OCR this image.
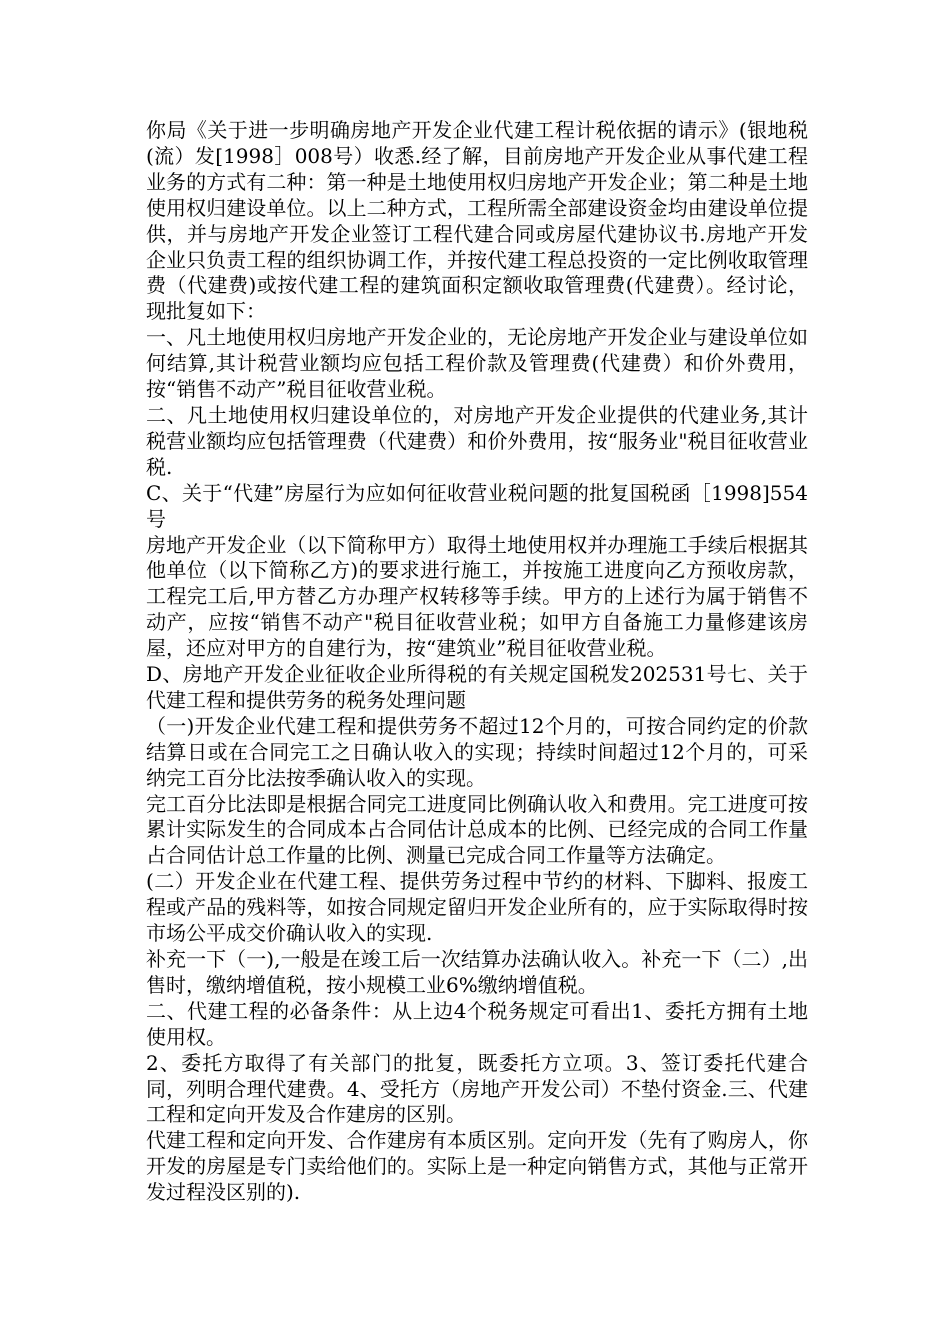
你局《关于进一步明确房地产开发企业代建工程计税依据的请示》(银地税(流）发[1998］008号）收悉.经了解，目前房地产开发企业从事代建工程业务的方式有二种：第一种是土地使用权归房地产开发企业；第二种是土地使用权归建设单位。以上二种方式，工程所需全部建设资金均由建设单位提供，并与房地产开发企业签订工程代建合同或房屋代建协议书.房地产开发企业只负责工程的组织协调工作，并按代建工程总投资的一定比例收取管理费（代建费)或按代建工程的建筑面积定额收取管理费(代建费）。经讨论，现批复如下：

一、凡土地使用权归房地产开发企业的，无论房地产开发企业与建设单位如何结算,其计税营业额均应包括工程价款及管理费(代建费）和价外费用，按“销售不动产”税目征收营业税。

二、凡土地使用权归建设单位的，对房地产开发企业提供的代建业务,其计税营业额均应包括管理费（代建费）和价外费用，按“服务业"税目征收营业税.

C、关于“代建”房屋行为应如何征收营业税问题的批复国税函［1998]554号

房地产开发企业（以下简称甲方）取得土地使用权并办理施工手续后根据其他单位（以下简称乙方)的要求进行施工，并按施工进度向乙方预收房款，工程完工后,甲方替乙方办理产权转移等手续。甲方的上述行为属于销售不动产，应按“销售不动产"税目征收营业税；如甲方自备施工力量修建该房屋，还应对甲方的自建行为，按“建筑业”税目征收营业税。

D、房地产开发企业征收企业所得税的有关规定国税发202531号七、关于代建工程和提供劳务的税务处理问题

（一)开发企业代建工程和提供劳务不超过12个月的，可按合同约定的价款结算日或在合同完工之日确认收入的实现；持续时间超过12个月的，可采纳完工百分比法按季确认收入的实现。

完工百分比法即是根据合同完工进度同比例确认收入和费用。完工进度可按累计实际发生的合同成本占合同估计总成本的比例、已经完成的合同工作量占合同估计总工作量的比例、测量已完成合同工作量等方法确定。

(二）开发企业在代建工程、提供劳务过程中节约的材料、下脚料、报废工程或产品的残料等，如按合同规定留归开发企业所有的，应于实际取得时按市场公平成交价确认收入的实现.

补充一下（一),一般是在竣工后一次结算办法确认收入。补充一下（二）,出售时，缴纳增值税，按小规模工业6%缴纳增值税。

二、代建工程的必备条件：从上边4个税务规定可看出1、委托方拥有土地使用权。

2、委托方取得了有关部门的批复，既委托方立项。3、签订委托代建合同，列明合理代建费。4、受托方（房地产开发公司）不垫付资金.三、代建工程和定向开发及合作建房的区别。

代建工程和定向开发、合作建房有本质区别。定向开发（先有了购房人，你开发的房屋是专门卖给他们的。实际上是一种定向销售方式，其他与正常开发过程没区别的).
